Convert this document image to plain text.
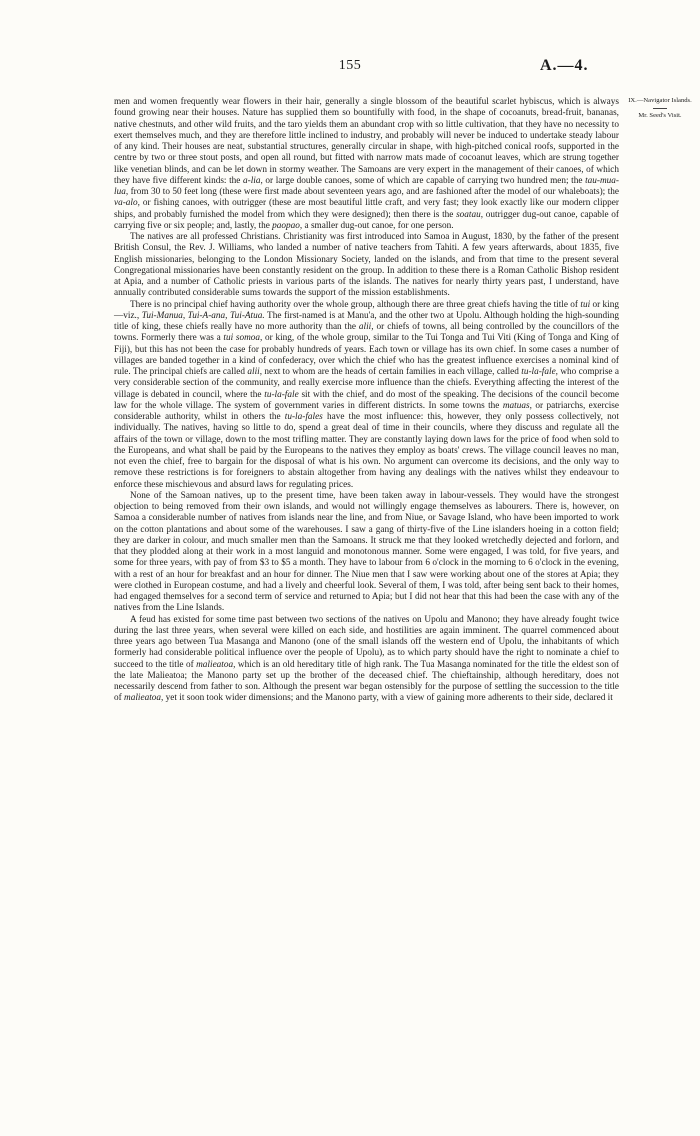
155	A.—4.
IX.—Navigator Islands.
Mr. Seed's Visit.

men and women frequently wear flowers in their hair, generally a single blossom of the beautiful scarlet hybiscus, which is always found growing near their houses. Nature has supplied them so bountifully with food, in the shape of cocoanuts, bread-fruit, bananas, native chestnuts, and other wild fruits, and the taro yields them an abundant crop with so little cultivation, that they have no necessity to exert themselves much, and they are therefore little inclined to industry, and probably will never be induced to undertake steady labour of any kind. Their houses are neat, substantial structures, generally circular in shape, with high-pitched conical roofs, supported in the centre by two or three stout posts, and open all round, but fitted with narrow mats made of cocoanut leaves, which are strung together like venetian blinds, and can be let down in stormy weather. The Samoans are very expert in the management of their canoes, of which they have five different kinds: the a-lia, or large double canoes, some of which are capable of carrying two hundred men; the tau-mua-lua, from 30 to 50 feet long (these were first made about seventeen years ago, and are fashioned after the model of our whaleboats); the va-alo, or fishing canoes, with outrigger (these are most beautiful little craft, and very fast; they look exactly like our modern clipper ships, and probably furnished the model from which they were designed); then there is the soatau, outrigger dug-out canoe, capable of carrying five or six people; and, lastly, the paopao, a smaller dug-out canoe, for one person.

The natives are all professed Christians. Christianity was first introduced into Samoa in August, 1830, by the father of the present British Consul, the Rev. J. Williams, who landed a number of native teachers from Tahiti. A few years afterwards, about 1835, five English missionaries, belonging to the London Missionary Society, landed on the islands, and from that time to the present several Congregational missionaries have been constantly resident on the group. In addition to these there is a Roman Catholic Bishop resident at Apia, and a number of Catholic priests in various parts of the islands. The natives for nearly thirty years past, I understand, have annually contributed considerable sums towards the support of the mission establishments.

There is no principal chief having authority over the whole group, although there are three great chiefs having the title of tui or king—viz., Tui-Manua, Tui-A-ana, Tui-Atua. The first-named is at Manu'a, and the other two at Upolu. Although holding the high-sounding title of king, these chiefs really have no more authority than the alii, or chiefs of towns, all being controlled by the councillors of the towns. Formerly there was a tui somoa, or king, of the whole group, similar to the Tui Tonga and Tui Viti (King of Tonga and King of Fiji), but this has not been the case for probably hundreds of years. Each town or village has its own chief. In some cases a number of villages are banded together in a kind of confederacy, over which the chief who has the greatest influence exercises a nominal kind of rule. The principal chiefs are called alii, next to whom are the heads of certain families in each village, called tu-la-fale, who comprise a very considerable section of the community, and really exercise more influence than the chiefs. Everything affecting the interest of the village is debated in council, where the tu-la-fale sit with the chief, and do most of the speaking. The decisions of the council become law for the whole village. The system of government varies in different districts. In some towns the matuas, or patriarchs, exercise considerable authority, whilst in others the tu-la-fales have the most influence: this, however, they only possess collectively, not individually. The natives, having so little to do, spend a great deal of time in their councils, where they discuss and regulate all the affairs of the town or village, down to the most trifling matter. They are constantly laying down laws for the price of food when sold to the Europeans, and what shall be paid by the Europeans to the natives they employ as boats' crews. The village council leaves no man, not even the chief, free to bargain for the disposal of what is his own. No argument can overcome its decisions, and the only way to remove these restrictions is for foreigners to abstain altogether from having any dealings with the natives whilst they endeavour to enforce these mischievous and absurd laws for regulating prices.

None of the Samoan natives, up to the present time, have been taken away in labour-vessels. They would have the strongest objection to being removed from their own islands, and would not willingly engage themselves as labourers. There is, however, on Samoa a considerable number of natives from islands near the line, and from Niue, or Savage Island, who have been imported to work on the cotton plantations and about some of the warehouses. I saw a gang of thirty-five of the Line islanders hoeing in a cotton field; they are darker in colour, and much smaller men than the Samoans. It struck me that they looked wretchedly dejected and forlorn, and that they plodded along at their work in a most languid and monotonous manner. Some were engaged, I was told, for five years, and some for three years, with pay of from $3 to $5 a month. They have to labour from 6 o'clock in the morning to 6 o'clock in the evening, with a rest of an hour for breakfast and an hour for dinner. The Niue men that I saw were working about one of the stores at Apia; they were clothed in European costume, and had a lively and cheerful look. Several of them, I was told, after being sent back to their homes, had engaged themselves for a second term of service and returned to Apia; but I did not hear that this had been the case with any of the natives from the Line Islands.

A feud has existed for some time past between two sections of the natives on Upolu and Manono; they have already fought twice during the last three years, when several were killed on each side, and hostilities are again imminent. The quarrel commenced about three years ago between Tua Masanga and Manono (one of the small islands off the western end of Upolu, the inhabitants of which formerly had considerable political influence over the people of Upolu), as to which party should have the right to nominate a chief to succeed to the title of malieatoa, which is an old hereditary title of high rank. The Tua Masanga nominated for the title the eldest son of the late Malieatoa; the Manono party set up the brother of the deceased chief. The chieftainship, although hereditary, does not necessarily descend from father to son. Although the present war began ostensibly for the purpose of settling the succession to the title of malieatoa, yet it soon took wider dimensions; and the Manono party, with a view of gaining more adherents to their side, declared it
